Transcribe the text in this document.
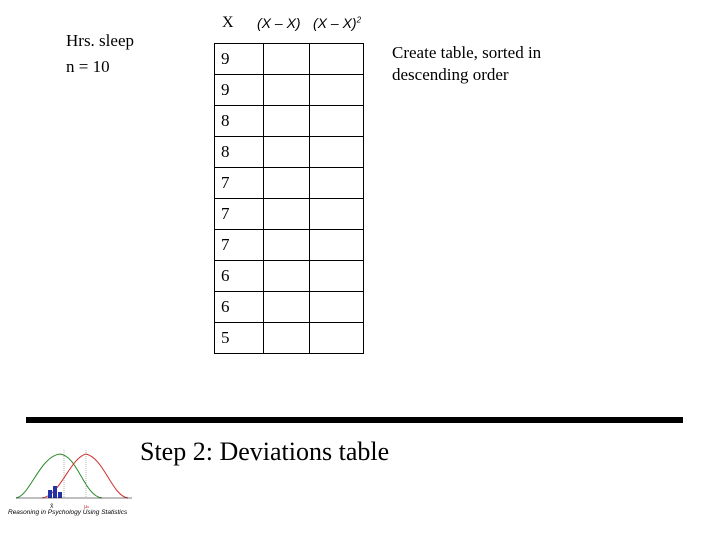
Hrs. sleep
n = 10
X (X – X) (X – X)$^2$
9		
9		
8		
8		
7		
7		
7		
6		
6		
5		
Create table, sorted in
descending order
Step 2: Deviations table
X̄	μ₀
Reasoning in Psychology Using Statistics
